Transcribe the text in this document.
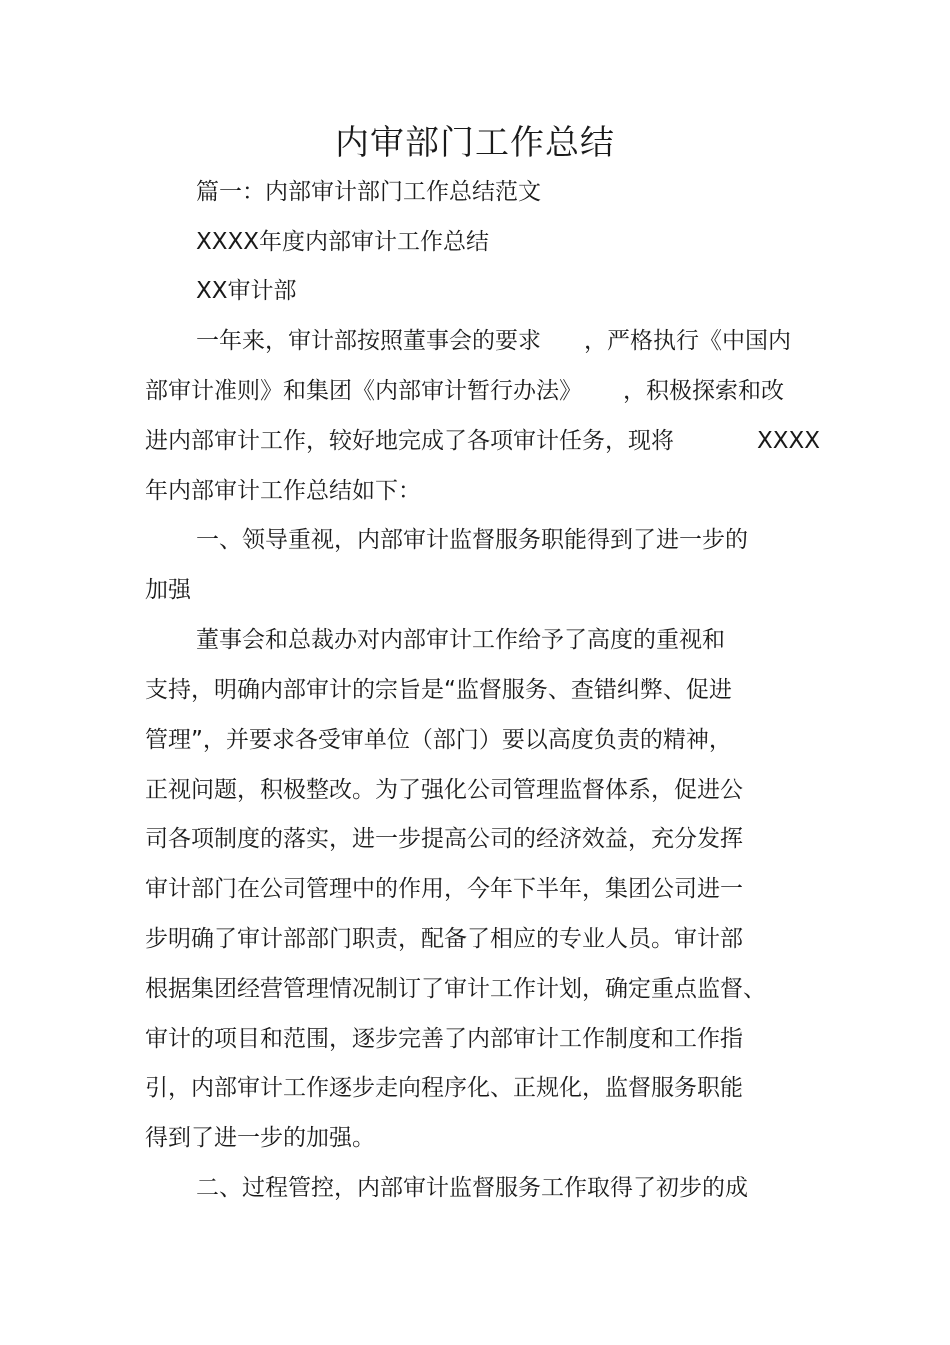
内审部门工作总结
篇一：内部审计部门工作总结范文
XXXX年度内部审计工作总结
XX审计部
一年来，审计部按照董事会的要求 ，严格执行《中国内
部审计准则》和集团《内部审计暂行办法》 ，积极探索和改
进内部审计工作，较好地完成了各项审计任务，现将	XXXX
年内部审计工作总结如下：
一、领导重视，内部审计监督服务职能得到了进一步的
加强
董事会和总裁办对内部审计工作给予了高度的重视和
支持，明确内部审计的宗旨是“监督服务、查错纠弊、促进
管理”，并要求各受审单位（部门）要以高度负责的精神，
正视问题，积极整改。为了强化公司管理监督体系，促进公
司各项制度的落实，进一步提高公司的经济效益，充分发挥
审计部门在公司管理中的作用，今年下半年，集团公司进一
步明确了审计部部门职责，配备了相应的专业人员。审计部
根据集团经营管理情况制订了审计工作计划，确定重点监督、
审计的项目和范围，逐步完善了内部审计工作制度和工作指
引，内部审计工作逐步走向程序化、正规化，监督服务职能
得到了进一步的加强。
二、过程管控，内部审计监督服务工作取得了初步的成
